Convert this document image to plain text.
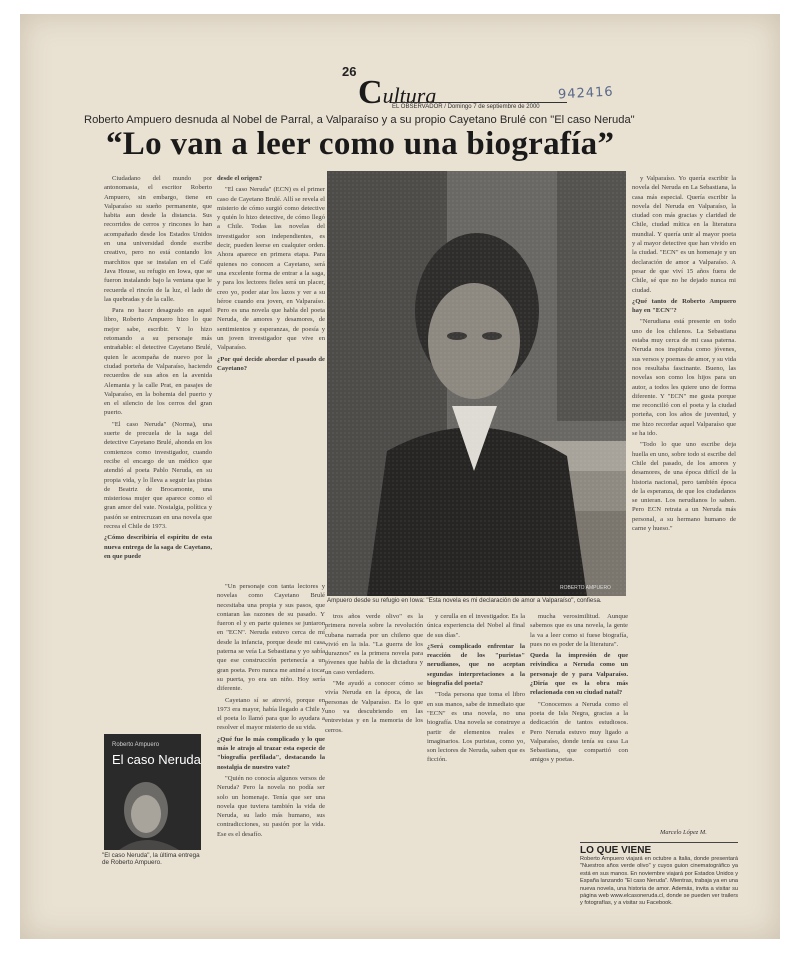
26
Cultura	942416
EL OBSERVADOR / Domingo 7 de septiembre de 2000
Roberto Ampuero desnuda al Nobel de Parral, a Valparaíso y a su propio Cayetano Brulé con "El caso Neruda"
“Lo van a leer como una biografía”

Ciudadano del mundo por antonomasia, el escritor Roberto Ampuero, sin embargo, tiene en Valparaíso su sueño permanente, que habita aun desde la distancia. Sus recorridos de cerros y rincones lo han acompañado desde los Estados Unidos en una universidad donde escribe creativo, pero no está contando los marchitos que se instalan en el Café Java House, su refugio en Iowa, que se fueron instalando bajo la ventana que le recuerda el rincón de la luz, el lado de las quebradas y de la calle.

Para no hacer desagrado en aquel libro, Roberto Ampuero hizo lo que mejor sabe, escribir. Y lo hizo retomando a su personaje más entrañable: el detective Cayetano Brulé, quien le acompaña de nuevo por la ciudad porteña de Valparaíso, haciendo recuerdos de sus años en la avenida Alemania y la calle Prat, en pasajes de Valparaíso, en la bohemia del puerto y en el silencio de los cerros del gran puerto.

"El caso Neruda" (Norma), una suerte de precuela de la saga del detective Cayetano Brulé, ahonda en los comienzos como investigador, cuando recibe el encargo de un médico que atendió al poeta Pablo Neruda, en su propia vida, y lo lleva a seguir las pistas de Beatriz de Brocamonte, una misteriosa mujer que aparece como el gran amor del vate. Nostalgia, política y pasión se entrecruzan en una novela que recrea el Chile de 1973.

¿Cómo describiría el espíritu de esta nueva entrega de la saga de Cayetano, en que puede

desde el origen?

"El caso Neruda" (ECN) es el primer caso de Cayetano Brulé. Allí se revela el misterio de cómo surgió como detective y quién lo hizo detective, de cómo llegó a Chile. Todas las novelas del investigador son independientes, es decir, pueden leerse en cualquier orden. Ahora aparece en primera etapa. Para quienes no conocen a Cayetano, será una excelente forma de entrar a la saga, y para los lectores fieles será un placer, creo yo, poder atar los lazos y ver a su héroe cuando era joven, en Valparaíso. Pero es una novela que habla del poeta Neruda, de amores y desamores, de sentimientos y esperanzas, de poesía y un joven investigador que vive en Valparaíso.

¿Por qué decide abordar el pasado de Cayetano?

"Un personaje con tanta lectores y novelas como Cayetano Brulé necesitaba una propia y sus pasos, que contaran las razones de su pasado. Y fueron el y en parte quienes se juntaron en "ECN". Neruda estuvo cerca de mí desde la infancia, porque desde mi casa paterna se veía La Sebastiana y yo sabía que ese construcción pertenecía a un gran poeta. Pero nunca me animé a tocar su puerta, yo era un niño. Hoy sería diferente.

Cayetano sí se atrevió, porque en 1973 era mayor, había llegado a Chile y el poeta lo llamó para que lo ayudara a resolver el mayor misterio de su vida.

¿Qué fue lo más complicado y lo que más le atrajo al trazar esta especie de "biografía perfilada", destacando la nostalgia de nuestro vate?

"Quién no conocía algunos versos de Neruda? Pero la novela no podía ser solo un homenaje. Tenía que ser una novela que tuviera también la vida de Neruda, su lado más humano, sus contradicciones, su pasión por la vida. Ese es el desafío.

ROBERTO AMPUERO
Ampuero desde su refugio en Iowa: "Esta novela es mi declaración de amor a Valparaíso", confiesa.

tros años verde olivo" es la primera novela sobre la revolución cubana narrada por un chileno que vivió en la isla. "La guerra de los duraznos" es la primera novela para jóvenes que habla de la dictadura y un caso verdadero.

"Me ayudó a conocer cómo se vivía Neruda en la época, de las personas de Valparaíso. Es lo que uno va descubriendo en las entrevistas y en la memoria de los cerros.

y cerulla en el investigador. Es la única experiencia del Nobel al final de sus días".

¿Será complicado enfrentar la reacción de los "puristas" nerudianos, que no aceptan segundas interpretaciones a la biografía del poeta?

"Toda persona que toma el libro en sus manos, sabe de inmediato que "ECN" es una novela, no una biografía. Una novela se construye a partir de elementos reales e imaginarios. Los puristas, como yo, son lectores de Neruda, saben que es ficción.

mucha verosimilitud. Aunque sabemos que es una novela, la gente la va a leer como si fuese biografía, pues no es poder de la literatura".

Queda la impresión de que reivindica a Neruda como un personaje de y para Valparaíso. ¿Diría que es la obra más relacionada con su ciudad natal?

"Conocemos a Neruda como el poeta de Isla Negra, gracias a la dedicación de tantos estudiosos. Pero Neruda estuvo muy ligado a Valparaíso, donde tenía su casa La Sebastiana, que compartió con amigos y poetas.

y Valparaíso. Yo quería escribir la novela del Neruda en La Sebastiana, la casa más especial. Quería escribir la novela del Neruda en Valparaíso, la ciudad con más gracias y claridad de Chile, ciudad mítica en la literatura mundial. Y quería unir al mayor poeta y al mayor detective que han vivido en la ciudad. "ECN" es un homenaje y un declaración de amor a Valparaíso. A pesar de que viví 15 años fuera de Chile, sé que no he dejado nunca mi ciudad.

¿Qué tanto de Roberto Ampuero hay en "ECN"?

"Nerudiana está presente en todo uno de los chilenos. La Sebastiana estaba muy cerca de mi casa paterna. Neruda nos inspiraba como jóvenes, sus versos y poemas de amor, y su vida nos resultaba fascinante. Bueno, las novelas son como los hijos para un autor, a todos les quiere uno de forma diferente. Y "ECN" me gusta porque me reconcilió con el poeta y la ciudad porteña, con los años de juventud, y me hizo recordar aquel Valparaíso que se ha ido.

"Todo lo que uno escribe deja huella en uno, sobre todo si escribe del Chile del pasado, de los amores y desamores, de una época difícil de la historia nacional, pero también época de la esperanza, de que los ciudadanos se unieran. Los nerudianos lo saben. Pero ECN retrata a un Neruda más personal, a su hermano humano de carne y hueso."

Roberto Ampuero
El caso Neruda
"El caso Neruda", la última entrega de Roberto Ampuero.
Marcelo López M.
LO QUE VIENE
Roberto Ampuero viajará en octubre a Italia, donde presentará "Nuestros años verde olivo" y cuyos guion cinematográfico ya está en sus manos. En noviembre viajará por Estados Unidos y España lanzando "El caso Neruda". Mientras, trabaja ya en una nueva novela, una historia de amor. Además, invita a visitar su página web www.elcasoneruda.cl, donde se pueden ver trailers y fotografías, y a visitar su Facebook.
